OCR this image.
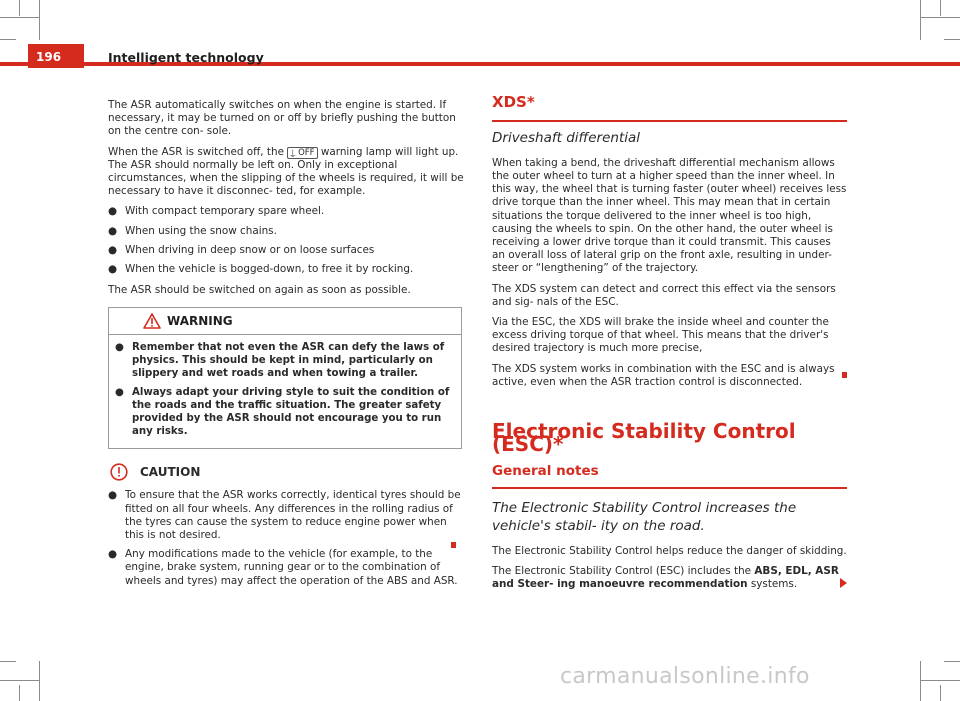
196	Intelligent technology

The ASR automatically switches on when the engine is started. If necessary, it may be turned on or off by briefly pushing the button on the centre con- sole.

When the ASR is switched off, the ⍊ OFF warning lamp will light up. The ASR should normally be left on. Only in exceptional circumstances, when the slipping of the wheels is required, it will be necessary to have it disconnec- ted, for example.

● With compact temporary spare wheel.
● When using the snow chains.
● When driving in deep snow or on loose surfaces
● When the vehicle is bogged-down, to free it by rocking.

The ASR should be switched on again as soon as possible.

WARNING
● Remember that not even the ASR can defy the laws of physics. This should be kept in mind, particularly on slippery and wet roads and when towing a trailer.
● Always adapt your driving style to suit the condition of the roads and the traffic situation. The greater safety provided by the ASR should not encourage you to run any risks.
CAUTION
● To ensure that the ASR works correctly, identical tyres should be fitted on all four wheels. Any differences in the rolling radius of the tyres can cause the system to reduce engine power when this is not desired.
● Any modifications made to the vehicle (for example, to the engine, brake system, running gear or to the combination of wheels and tyres) may affect the operation of the ABS and ASR.
XDS*
Driveshaft differential

When taking a bend, the driveshaft differential mechanism allows the outer wheel to turn at a higher speed than the inner wheel. In this way, the wheel that is turning faster (outer wheel) receives less drive torque than the inner wheel. This may mean that in certain situations the torque delivered to the inner wheel is too high, causing the wheels to spin. On the other hand, the outer wheel is receiving a lower drive torque than it could transmit. This causes an overall loss of lateral grip on the front axle, resulting in under- steer or “lengthening” of the trajectory.

The XDS system can detect and correct this effect via the sensors and sig- nals of the ESC.

Via the ESC, the XDS will brake the inside wheel and counter the excess driving torque of that wheel. This means that the driver's desired trajectory is much more precise,

The XDS system works in combination with the ESC and is always active, even when the ASR traction control is disconnected.

Electronic Stability Control (ESC)*
General notes
The Electronic Stability Control increases the vehicle's stabil- ity on the road.

The Electronic Stability Control helps reduce the danger of skidding.

The Electronic Stability Control (ESC) includes the ABS, EDL, ASR and Steer- ing manoeuvre recommendation systems.

carmanualsonline.info
